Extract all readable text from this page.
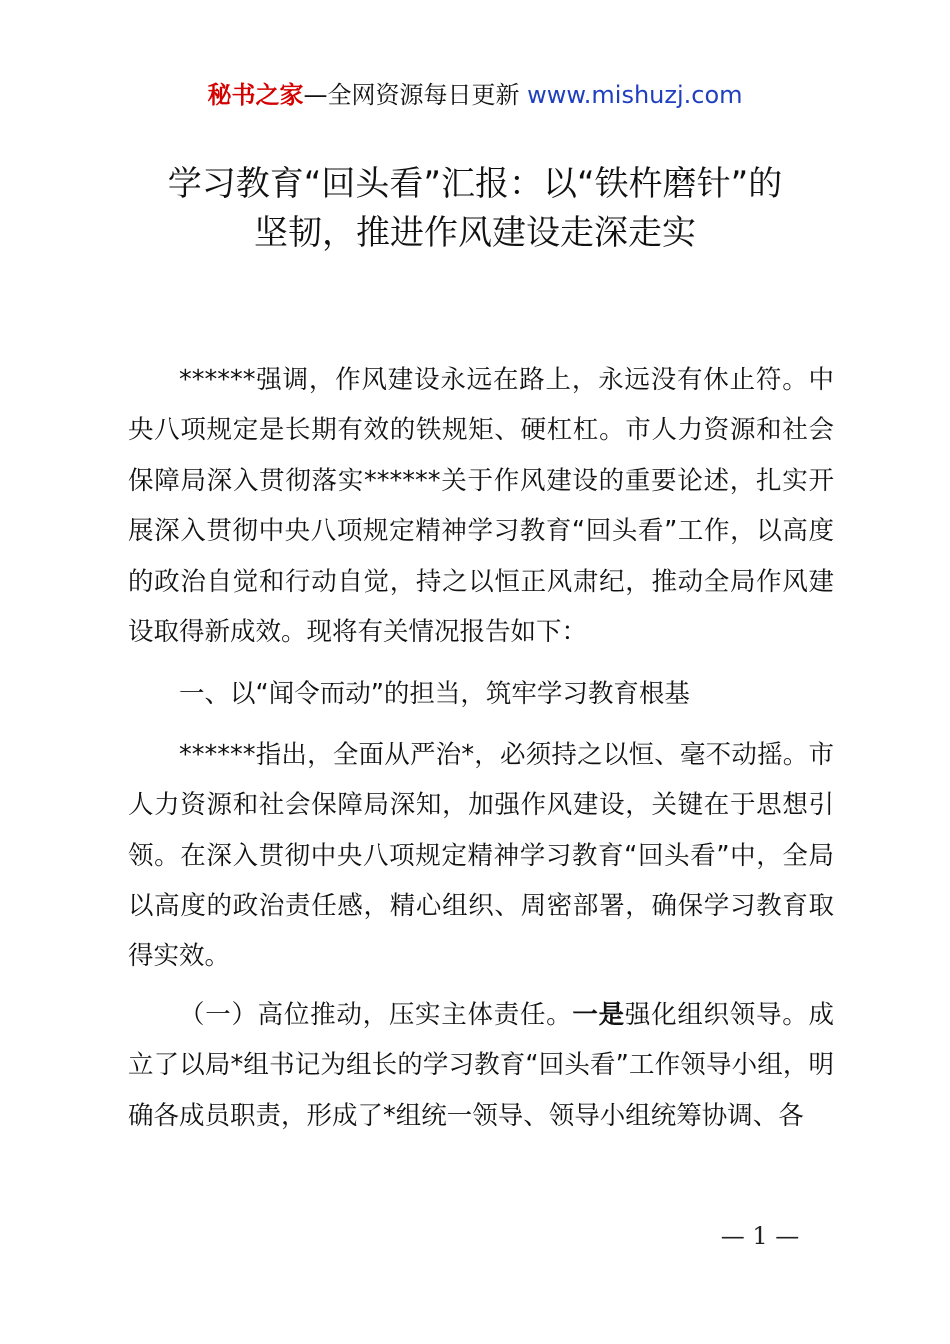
秘书之家—全网资源每日更新 www.mishuzj.com
学习教育“回头看”汇报：以“铁杵磨针”的
坚韧，推进作风建设走深走实

******强调，作风建设永远在路上，永远没有休止符。中央八项规定是长期有效的铁规矩、硬杠杠。市人力资源和社会保障局深入贯彻落实******关于作风建设的重要论述，扎实开展深入贯彻中央八项规定精神学习教育“回头看”工作，以高度的政治自觉和行动自觉，持之以恒正风肃纪，推动全局作风建设取得新成效。现将有关情况报告如下：

一、以“闻令而动”的担当，筑牢学习教育根基

******指出，全面从严治*，必须持之以恒、毫不动摇。市人力资源和社会保障局深知，加强作风建设，关键在于思想引领。在深入贯彻中央八项规定精神学习教育“回头看”中，全局以高度的政治责任感，精心组织、周密部署，确保学习教育取得实效。

（一）高位推动，压实主体责任。一是强化组织领导。成立了以局*组书记为组长的学习教育“回头看”工作领导小组，明确各成员职责，形成了*组统一领导、领导小组统筹协调、各

— 1 —
